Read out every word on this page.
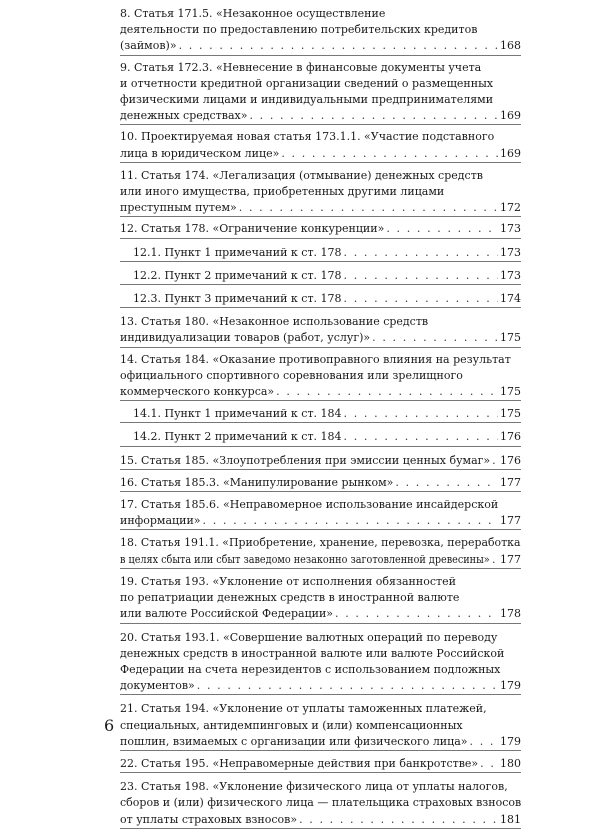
8. Статья 171.5. «Незаконное осуществление
деятельности по предоставлению потребительских кредитов
(займов)» . . .	168
9. Статья 172.3. «Невнесение в финансовые документы учета
и отчетности кредитной организации сведений о размещенных
физическими лицами и индивидуальными предпринимателями
денежных средствах» . . .	169
10. Проектируемая новая статья 173.1.1. «Участие подставного
лица в юридическом лице» . . .	169
11. Статья 174. «Легализация (отмывание) денежных средств
или иного имущества, приобретенных другими лицами
преступным путем» . . .	172
12. Статья 178. «Ограничение конкуренции» . . .	173
12.1. Пункт 1 примечаний к ст. 178 . . .	173
12.2. Пункт 2 примечаний к ст. 178 . . .	173
12.3. Пункт 3 примечаний к ст. 178 . . .	174
13. Статья 180. «Незаконное использование средств
индивидуализации товаров (работ, услуг)» . . .	175
14. Статья 184. «Оказание противоправного влияния на результат
официального спортивного соревнования или зрелищного
коммерческого конкурса» . . .	175
14.1. Пункт 1 примечаний к ст. 184 . . .	175
14.2. Пункт 2 примечаний к ст. 184 . . .	176
15. Статья 185. «Злоупотребления при эмиссии ценных бумаг» . . . 176
16. Статья 185.3. «Манипулирование рынком» . . .	177
17. Статья 185.6. «Неправомерное использование инсайдерской
информации» . . .	177
18. Статья 191.1. «Приобретение, хранение, перевозка, переработка
в целях сбыта или сбыт заведомо незаконно заготовленной древесины» . . . 177
19. Статья 193. «Уклонение от исполнения обязанностей
по репатриации денежных средств в иностранной валюте
или валюте Российской Федерации» . . .	178
20. Статья 193.1. «Совершение валютных операций по переводу
денежных средств в иностранной валюте или валюте Российской
Федерации на счета нерезидентов с использованием подложных
документов» . . .	179
21. Статья 194. «Уклонение от уплаты таможенных платежей,
специальных, антидемпинговых и (или) компенсационных
пошлин, взимаемых с организации или физического лица» . . .	179
22. Статья 195. «Неправомерные действия при банкротстве» . . . 180
23. Статья 198. «Уклонение физического лица от уплаты налогов,
сборов и (или) физического лица — плательщика страховых взносов
от уплаты страховых взносов» . . .	181
6
